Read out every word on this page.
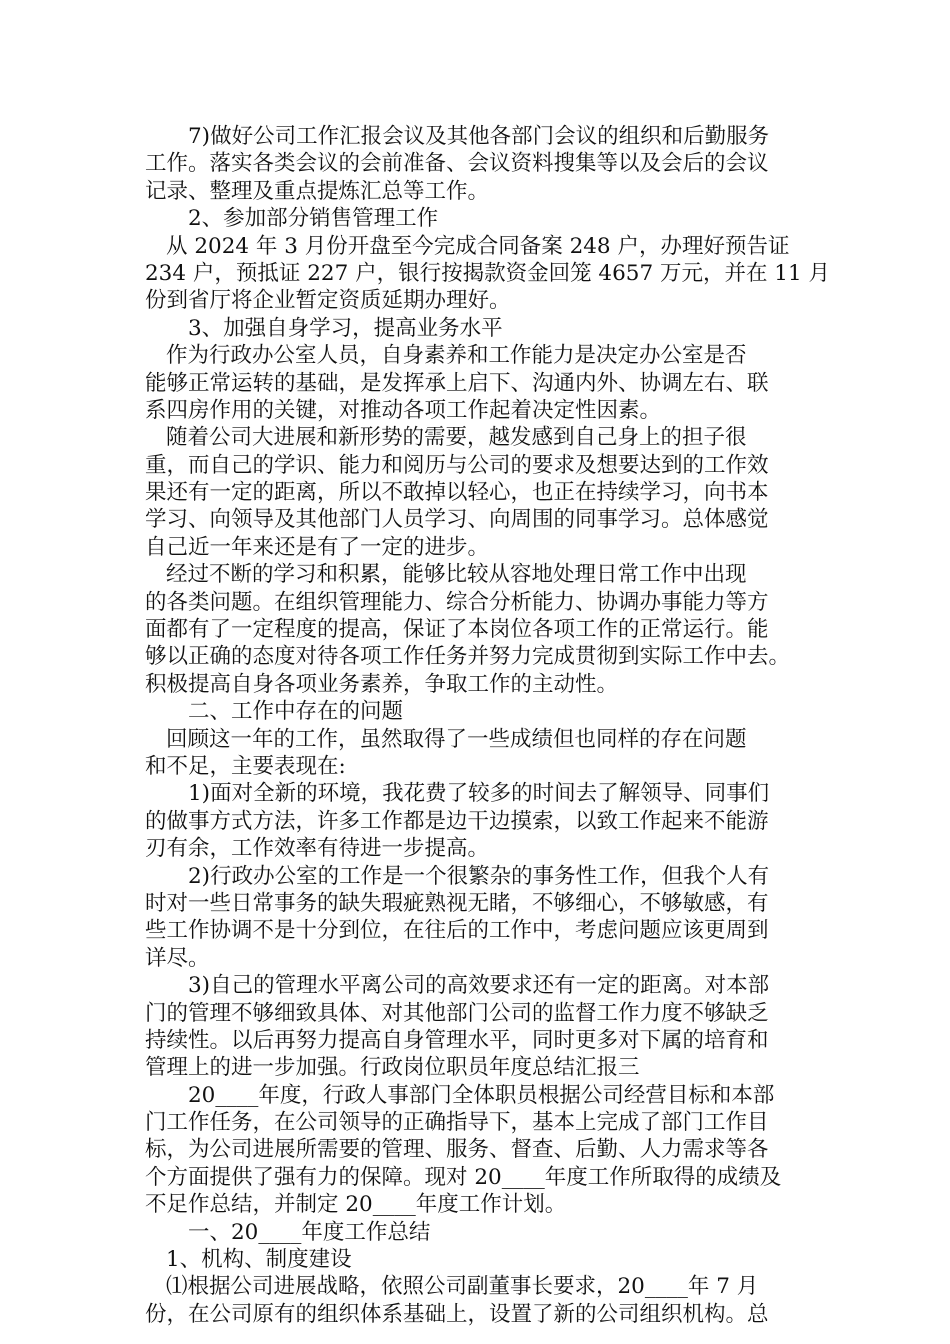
7)做好公司工作汇报会议及其他各部门会议的组织和后勤服务
工作。落实各类会议的会前准备、会议资料搜集等以及会后的会议
记录、整理及重点提炼汇总等工作。
2、参加部分销售管理工作
从 2024 年 3 月份开盘至今完成合同备案 248 户，办理好预告证
234 户，预抵证 227 户，银行按揭款资金回笼 4657 万元，并在 11 月
份到省厅将企业暂定资质延期办理好。
3、加强自身学习，提高业务水平
作为行政办公室人员，自身素养和工作能力是决定办公室是否
能够正常运转的基础，是发挥承上启下、沟通内外、协调左右、联
系四房作用的关键，对推动各项工作起着决定性因素。
随着公司大进展和新形势的需要，越发感到自己身上的担子很
重，而自己的学识、能力和阅历与公司的要求及想要达到的工作效
果还有一定的距离，所以不敢掉以轻心，也正在持续学习，向书本
学习、向领导及其他部门人员学习、向周围的同事学习。总体感觉
自己近一年来还是有了一定的进步。
经过不断的学习和积累，能够比较从容地处理日常工作中出现
的各类问题。在组织管理能力、综合分析能力、协调办事能力等方
面都有了一定程度的提高，保证了本岗位各项工作的正常运行。能
够以正确的态度对待各项工作任务并努力完成贯彻到实际工作中去。
积极提高自身各项业务素养，争取工作的主动性。
二、工作中存在的问题
回顾这一年的工作，虽然取得了一些成绩但也同样的存在问题
和不足，主要表现在:
1)面对全新的环境，我花费了较多的时间去了解领导、同事们
的做事方式方法，许多工作都是边干边摸索，以致工作起来不能游
刃有余，工作效率有待进一步提高。
2)行政办公室的工作是一个很繁杂的事务性工作，但我个人有
时对一些日常事务的缺失瑕疵熟视无睹，不够细心，不够敏感，有
些工作协调不是十分到位，在往后的工作中，考虑问题应该更周到
详尽。
3)自己的管理水平离公司的高效要求还有一定的距离。对本部
门的管理不够细致具体、对其他部门公司的监督工作力度不够缺乏
持续性。以后再努力提高自身管理水平，同时更多对下属的培育和
管理上的进一步加强。行政岗位职员年度总结汇报三
20____年度，行政人事部门全体职员根据公司经营目标和本部
门工作任务，在公司领导的正确指导下，基本上完成了部门工作目
标，为公司进展所需要的管理、服务、督查、后勤、人力需求等各
个方面提供了强有力的保障。现对 20____年度工作所取得的成绩及
不足作总结，并制定 20____年度工作计划。
一、20____年度工作总结
1、机构、制度建设
⑴根据公司进展战略，依照公司副董事长要求，20____年 7 月
份，在公司原有的组织体系基础上，设置了新的公司组织机构。总
